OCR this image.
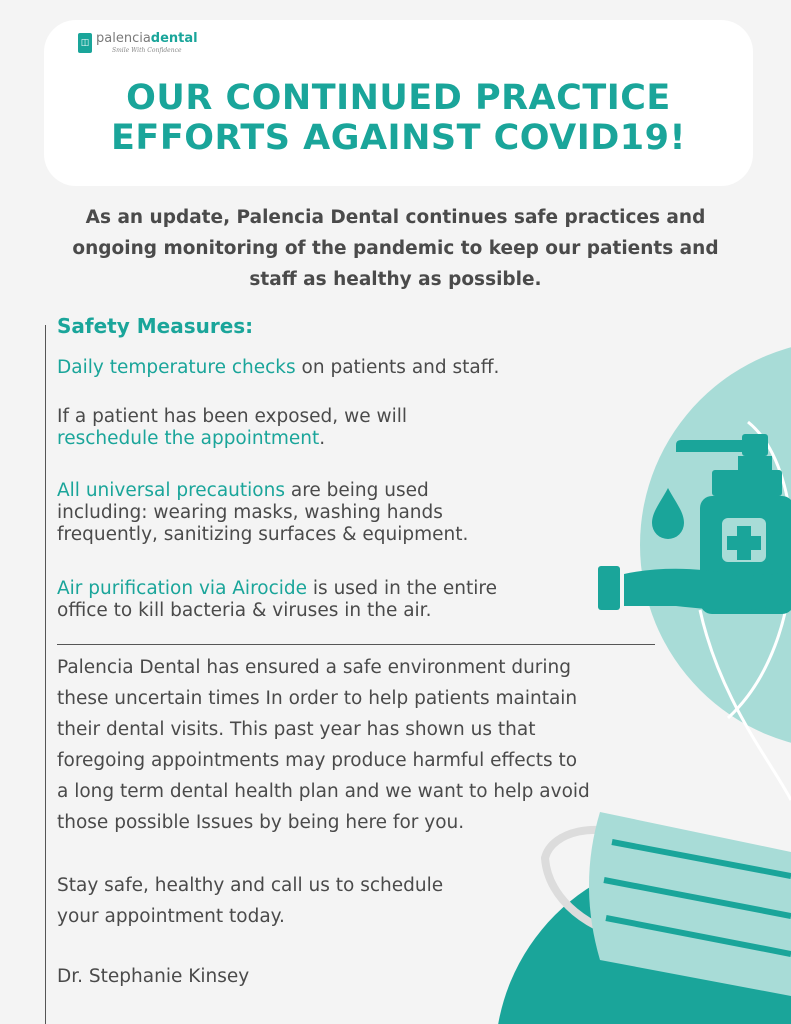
◫ palenciadental
Smile With Confidence
OUR CONTINUED PRACTICE
EFFORTS AGAINST COVID19!
As an update, Palencia Dental continues safe practices and
ongoing monitoring of the pandemic to keep our patients and
staff as healthy as possible.
Safety Measures:
Daily temperature checks on patients and staff.
If a patient has been exposed, we will
reschedule the appointment.
All universal precautions are being used
including: wearing masks, washing hands
frequently, sanitizing surfaces & equipment.
Air purification via Airocide is used in the entire
office to kill bacteria & viruses in the air.
Palencia Dental has ensured a safe environment during
these uncertain times In order to help patients maintain
their dental visits. This past year has shown us that
foregoing appointments may produce harmful effects to
a long term dental health plan and we want to help avoid
those possible Issues by being here for you.
Stay safe, healthy and call us to schedule
your appointment today.
Dr. Stephanie Kinsey
